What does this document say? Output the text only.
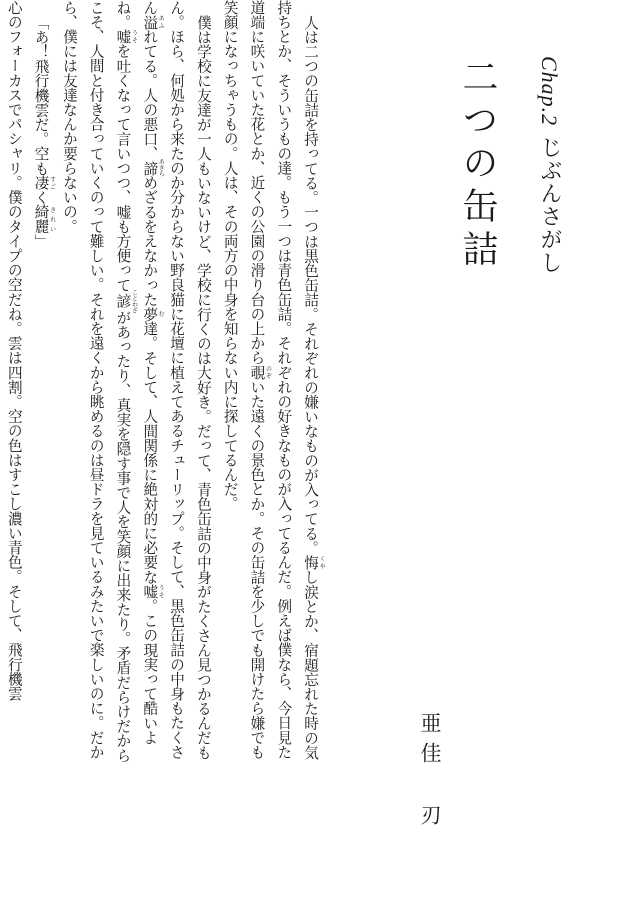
Chap.2じぶんさがし
二つの缶詰
亜佳刃

人は二つの缶詰を持ってる。一つは黒色缶詰。それぞれの嫌いなものが入ってる。悔 くやし涙とか、宿題忘れた時の気持ちとか、そういうもの達。もう一つは青色缶詰。それぞれの好きなものが入ってるんだ。例えば僕なら、今日見た道端に咲いていた花とか、近くの公園の滑り台の上から覗 のぞいた遠くの景色とか。その缶詰を少しでも開けたら嫌でも笑顔になっちゃうもの。人は、その両方の中身を知らない内に探してるんだ。

僕は学校に友達が一人もいないけど、学校に行くのは大好き。だって、青色缶詰の中身がたくさん見つかるんだもん。ほら、何処から来たのか分からない野良猫に花壇に植えてあるチューリップ。そして、黒色缶詰の中身もたくさん溢 あふれてる。人の悪口、諦 あきらめざるをえなかった夢 む達。そして、人間関係に絶対的に必要な嘘 うそ。この現実って酷いよね。嘘 うそを吐くなって言いつつ、嘘も方便って諺 ことわざがあったり、真実を隠す事で人を笑顔に出来たり。矛盾だらけだからこそ、人間と付き合っていくのって難しい。それを遠くから眺めるのは昼ドラを見ているみたいで楽しいのに。だから、僕には友達なんか要らないの。

「あ！飛行機雲だ。空も凄 すごく綺麗 きれい」

心のフォーカスでパシャリ。僕のタイプの空だね。雲は四割。空の色はすこし濃い青色。そして、飛行機雲
